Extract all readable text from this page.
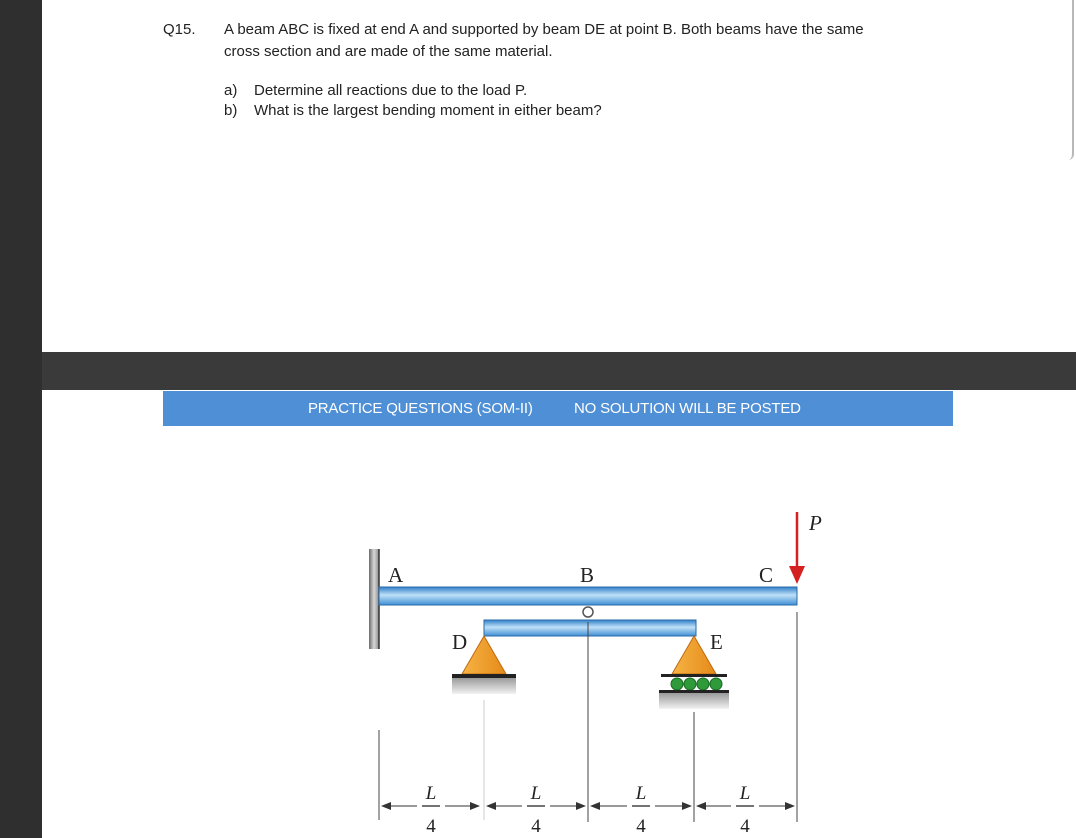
Q15. A beam ABC is fixed at end A and supported by beam DE at point B. Both beams have the same
cross section and are made of the same material.
a) Determine all reactions due to the load P.
b) What is the largest bending moment in either beam?
PRACTICE QUESTIONS (SOM-II)	NO SOLUTION WILL BE POSTED
A	B	C
D	E
P
L
4
L
4
L
4
L
4
